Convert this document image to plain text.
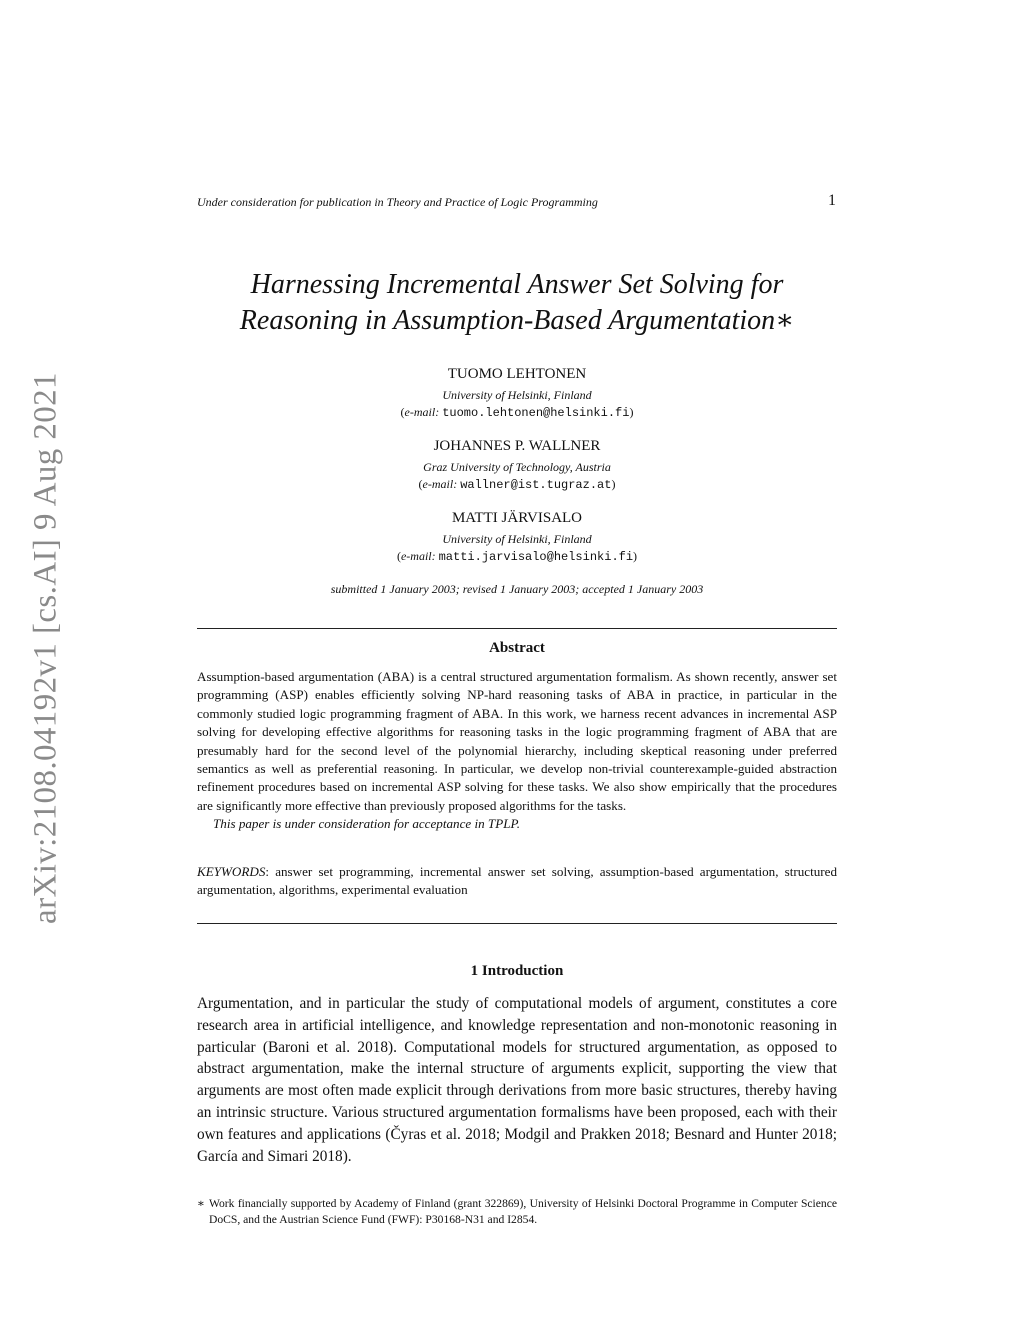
arXiv:2108.04192v1 [cs.AI] 9 Aug 2021
Under consideration for publication in Theory and Practice of Logic Programming	1
Harnessing Incremental Answer Set Solving for
Reasoning in Assumption-Based Argumentation∗
TUOMO LEHTONEN
University of Helsinki, Finland
(e-mail: tuomo.lehtonen@helsinki.fi)
JOHANNES P. WALLNER
Graz University of Technology, Austria
(e-mail: wallner@ist.tugraz.at)
MATTI JÄRVISALO
University of Helsinki, Finland
(e-mail: matti.jarvisalo@helsinki.fi)
submitted 1 January 2003; revised 1 January 2003; accepted 1 January 2003
Abstract

Assumption-based argumentation (ABA) is a central structured argumentation formalism. As shown recently, answer set programming (ASP) enables efficiently solving NP-hard reasoning tasks of ABA in practice, in particular in the commonly studied logic programming fragment of ABA. In this work, we harness recent advances in incremental ASP solving for developing effective algorithms for reasoning tasks in the logic programming fragment of ABA that are presumably hard for the second level of the polynomial hierarchy, including skeptical reasoning under preferred semantics as well as preferential reasoning. In particular, we develop non-trivial counterexample-guided abstraction refinement procedures based on incremental ASP solving for these tasks. We also show empirically that the procedures are significantly more effective than previously proposed algorithms for the tasks.

This paper is under consideration for acceptance in TPLP.

KEYWORDS: answer set programming, incremental answer set solving, assumption-based argumentation, structured argumentation, algorithms, experimental evaluation
1 Introduction
Argumentation, and in particular the study of computational models of argument, constitutes a core research area in artificial intelligence, and knowledge representation and non-monotonic reasoning in particular (Baroni et al. 2018). Computational models for structured argumentation, as opposed to abstract argumentation, make the internal structure of arguments explicit, supporting the view that arguments are most often made explicit through derivations from more basic structures, thereby having an intrinsic structure. Various structured argumentation formalisms have been proposed, each with their own features and applications (Čyras et al. 2018; Modgil and Prakken 2018; Besnard and Hunter 2018; García and Simari 2018).
∗ Work financially supported by Academy of Finland (grant 322869), University of Helsinki Doctoral Programme in Computer Science DoCS, and the Austrian Science Fund (FWF): P30168-N31 and I2854.
